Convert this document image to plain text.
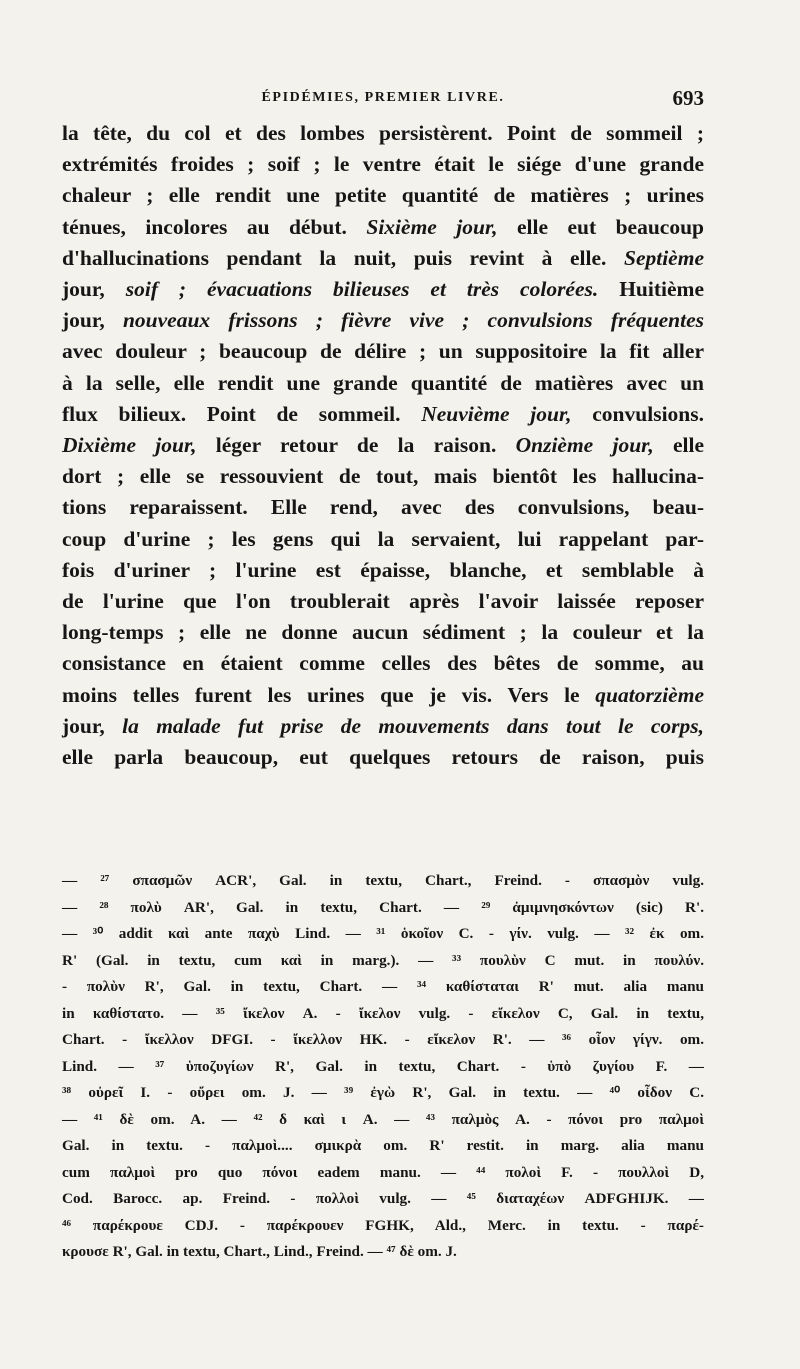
ÉPIDÉMIES, PREMIER LIVRE.	693
la tête, du col et des lombes persistèrent. Point de sommeil ;
extrémités froides ; soif ; le ventre était le siége d'une grande
chaleur ; elle rendit une petite quantité de matières ; urines
ténues, incolores au début. Sixième jour, elle eut beaucoup
d'hallucinations pendant la nuit, puis revint à elle. Septième
jour, soif ; évacuations bilieuses et très colorées. Huitième
jour, nouveaux frissons ; fièvre vive ; convulsions fréquentes
avec douleur ; beaucoup de délire ; un suppositoire la fit aller
à la selle, elle rendit une grande quantité de matières avec un
flux bilieux. Point de sommeil. Neuvième jour, convulsions.
Dixième jour, léger retour de la raison. Onzième jour, elle
dort ; elle se ressouvient de tout, mais bientôt les hallucina-
tions reparaissent. Elle rend, avec des convulsions, beau-
coup d'urine ; les gens qui la servaient, lui rappelant par-
fois d'uriner ; l'urine est épaisse, blanche, et semblable à
de l'urine que l'on troublerait après l'avoir laissée reposer
long-temps ; elle ne donne aucun sédiment ; la couleur et la
consistance en étaient comme celles des bêtes de somme, au
moins telles furent les urines que je vis. Vers le quatorzième
jour, la malade fut prise de mouvements dans tout le corps,
elle parla beaucoup, eut quelques retours de raison, puis
— ²⁷ σπασμῶν ACR', Gal. in textu, Chart., Freind. - σπασμὸν vulg.
— ²⁸ πολὺ AR', Gal. in textu, Chart. — ²⁹ ἀμιμνησκόντων (sic) R'.
— ³⁰ addit καὶ ante παχὺ Lind. — ³¹ ὁκοῖον C. - γίν. vulg. — ³² ἐκ om.
R' (Gal. in textu, cum καὶ in marg.). — ³³ πουλὺν C mut. in πουλύν.
- πολὺν R', Gal. in textu, Chart. — ³⁴ καθίσταται R' mut. alia manu
in καθίστατο. — ³⁵ ἴκελον A. - ἴκελον vulg. - εἴκελον C, Gal. in textu,
Chart. - ἴκελλον DFGI. - ἴκελλον HK. - εἴκελον R'. — ³⁶ οἷον γίγν. om.
Lind. — ³⁷ ὑποζυγίων R', Gal. in textu, Chart. - ὑπὸ ζυγίου F. —
³⁸ οὐρεῖ I. - οὔρει om. J. — ³⁹ ἐγὼ R', Gal. in textu. — ⁴⁰ οἶδον C.
— ⁴¹ δὲ om. A. — ⁴² δ καὶ ι A. — ⁴³ παλμὸς A. - πόνοι pro παλμοὶ
Gal. in textu. - παλμοὶ.... σμικρὰ om. R' restit. in marg. alia manu
cum παλμοὶ pro quo πόνοι eadem manu. — ⁴⁴ πολοὶ F. - πουλλοὶ D,
Cod. Barocc. ap. Freind. - πολλοὶ vulg. — ⁴⁵ διαταχέων ADFGHIJK. —
⁴⁶ παρέκρουε CDJ. - παρέκρουεν FGHK, Ald., Merc. in textu. - παρέ-
κρουσε R', Gal. in textu, Chart., Lind., Freind. — ⁴⁷ δὲ om. J.
